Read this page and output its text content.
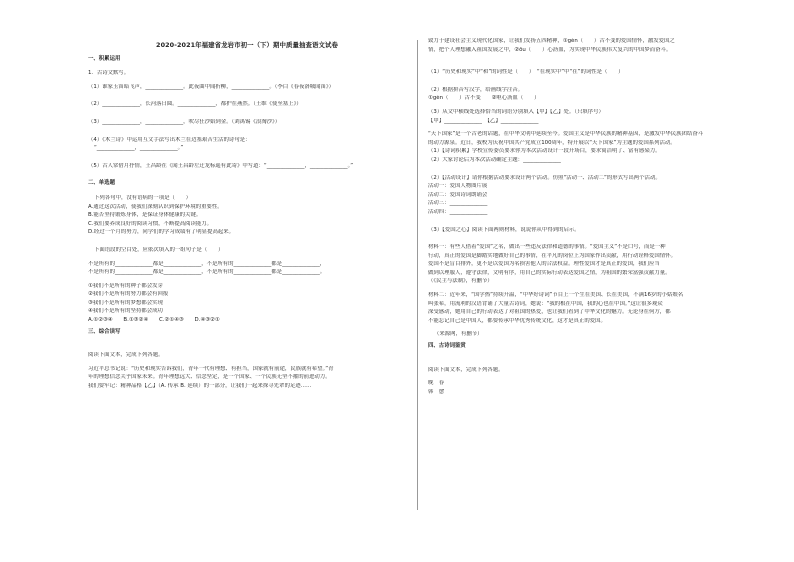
2020-2021年福建省龙岩市初一（下）期中质量抽查语文试卷
一、积累运用
1．古诗文默写。
（1）谁家玉笛暗飞声，______________。此夜曲中闻折柳，______________。（李白《春夜洛城闻笛》）
（2）______________，长河落日圆。______________，都护在燕然。（王维《使至塞上》）
（3）______________，______________，吹尽狂沙始到金。（刘禹锡《浪淘沙》）
（4）《木兰诗》中运用互文手法写出木兰在边塞艰苦生活的诗句是：
“______________，______________。”
（5）古人常借月抒情，王昌龄在《闻王昌龄左迁龙标遥有此寄》中写道：“______________，______________。”
二、单选题
下列各句中，没有语病的一项是（　　）
A.通过这次活动，使我们深刻认识到保护环境的重要性。
B.能否坚持锻炼身体，是保证身体健康的关键。
C.我们要养成良好的阅读习惯，不断提高阅读能力。
D.经过一个月的努力，同学们的学习成绩有了明显提高起来。
下面语段的空白处，应依次填入的一组句子是（　　）
不是所有的______________都是______________，不是所有的______________都是______________，
不是所有的______________都是______________，不是所有的______________都是______________。
①我们不是所有的种子都会发芽
②我们不是所有的努力都会有回报
③我们不是所有的梦想都会实现
④我们不是所有的坚持都会成功
A.①②③④　　B.①③②④　　C.②①④③　　D.④③②①
三、综合读写
阅读下面文本，完成下列各题。
习近平总书记说：“历史和现实告诉我们，青年一代有理想、有担当，国家就有前途，民族就有希望。”青
年的理想信念关乎国家未来。青年理想远大、信念坚定，是一个国家、一个民族无坚不摧的前进动力。
我们要牢记：精神品格【乙】（A. 传承 B. 延续）的一部分，让我们一起来探寻先辈的足迹……
致力于建设社会主义现代化国家，让我们发扬五四精神，①gèn（　　）古不变的爱国情怀，激发爱国之
情，把个人理想融入祖国发展之中，②ōu（　　）心沥血，为实现中华民族伟大复兴的中国梦而奋斗。
（1）“历史和现实”中“和”的词性是（　　）　“在现实中”中“在”的词性是（　　）
（2）根据拼音写汉字，给画线字注音。
①gèn（　　）古不变　　②呕心沥血（　　）
（3）从文中横线处选择恰当的词语分别填入【甲】【乙】处。（只填序号）
【甲】______________　【乙】______________
“天下国家”是一个古老的话题，在中华文明中延续至今。爱国主义是中华民族的精神基因，是激发中华民族团结奋斗
的动力源泉。近日，我校为庆祝中国共产党成立100周年，特开展以“天下国家”为主题的爱国系列活动。
（1）【诗词积累】学校宣传委员要求你为本次活动设计一段开场白，要求简洁明了、富有感染力。
（2）大家讨论后为本次活动确定主题：______________
（2）【活动设计】请你根据活动要求设计两个活动。仿照“活动一、活动二”的形式写出两个活动。
活动一：爱国人物图片展
活动二：爱国诗词朗诵会
活动三：______________
活动四：______________
（3）【爱国之心】阅读下面两则材料，说说你从中得到的启示。
材料一：有些人借着“爱国”之名，做出一些违反法律和道德的事情。“爱国主义”不是口号，而是一种
行动，真正的爱国是脚踏实地做好自己的事情，在平凡的岗位上为国家作出贡献，用行动诠释爱国情怀。
爱国不是盲目排外，更不是以爱国为名损害他人的合法权益。理性爱国才是真正的爱国，我们应当
做到以理服人，遵守法律，文明有序，用自己的实际行动表达爱国之情，为祖国的繁荣富强贡献力量。
（《民主与法制》，有删节）
材料二：近年来，“国学热”持续升温，“中华好诗词”节目上一个生在美国、长在美国，不满16岁的小姑娘名
叫张希，用流利的汉语背诵了大量古诗词，她说：“我的根在中国，我的心也在中国。”这让很多观众
深受感动，她用自己的行动表达了对祖国的热爱，也让我们看到了中华文化的魅力。无论身在何方，都
不能忘记自己是中国人，都要传承中华优秀传统文化，这才是真正的爱国。
（来源网，有删节）
四、古诗词鉴赏
阅读下面文本，完成下列各题。
晚　春
韩　愈
